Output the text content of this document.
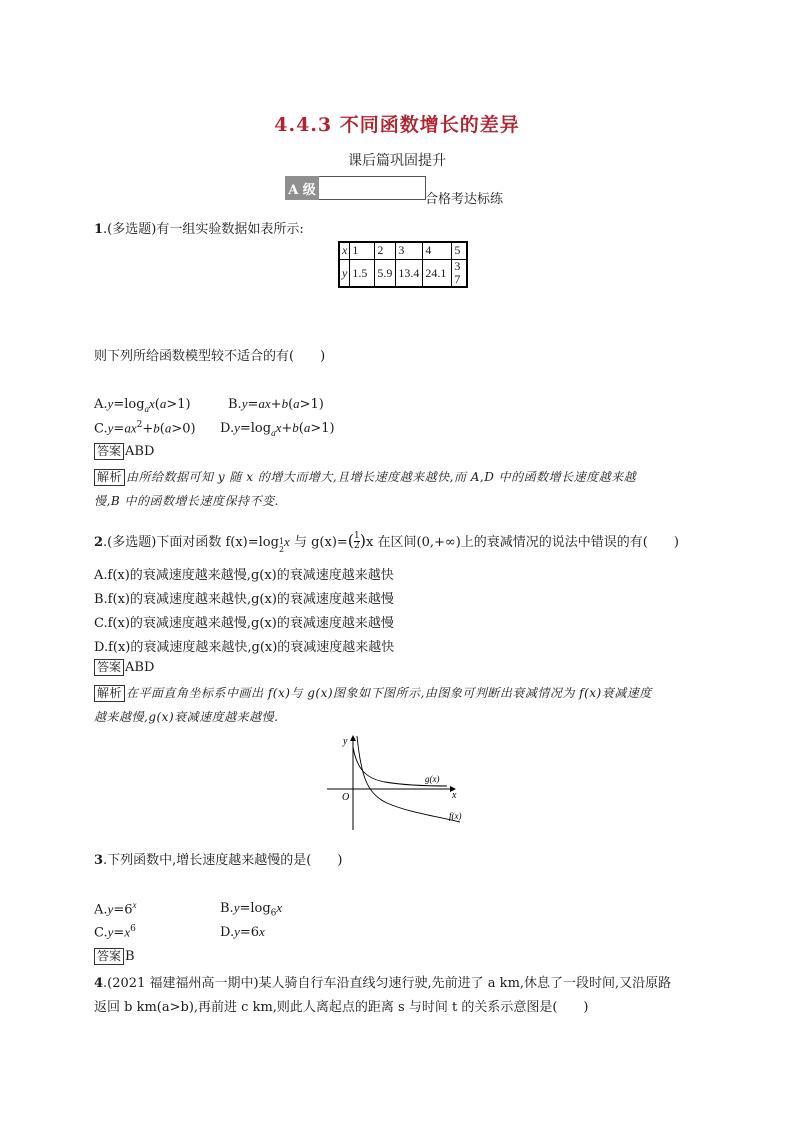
4.4.3 不同函数增长的差异
课后篇巩固提升
A 级
合格考达标练
1.(多选题)有一组实验数据如表所示:
x	1	2	3	4	5
y	1.5	5.9	13.4	24.1	3
7
则下列所给函数模型较不适合的有(　　)
$A.y=\log_ax(a>1)$	B.y=ax+b(a>1)
$C.y=ax^2+b(a>0)$ $D.y=\log_ax+b(a>1)$
答案 ABD
解析 由所给数据可知 y 随 x 的增大而增大,且增长速度越来越快,而 A,D 中的函数增长速度越来越
慢,B 中的函数增长速度保持不变.
2.(多选题)下面对函数 f(x)=log1
2x 与 $g(x)=(\frac{1}{2})x$ 在区间(0,+∞)上的衰减情况的说法中错误的有(　　)
A.f(x)的衰减速度越来越慢,g(x)的衰减速度越来越快
B.f(x)的衰减速度越来越快,g(x)的衰减速度越来越慢
C.f(x)的衰减速度越来越慢,g(x)的衰减速度越来越慢
D.f(x)的衰减速度越来越快,g(x)的衰减速度越来越快
答案 ABD
解析 在平面直角坐标系中画出 f(x)与 g(x)图象如下图所示,由图象可判断出衰减情况为 f(x)衰减速度
越来越慢,g(x)衰减速度越来越慢.
y
x
O
g(x)
f(x)
3.下列函数中,增长速度越来越慢的是(　　)
$A.y=6^x$	$B.y=\log_6x$
$C.y=x^6$	D.y=6x
答案 B
4.(2021 福建福州高一期中)某人骑自行车沿直线匀速行驶,先前进了 a km,休息了一段时间,又沿原路
返回 b km(a>b),再前进 c km,则此人离起点的距离 s 与时间 t 的关系示意图是(　　)
